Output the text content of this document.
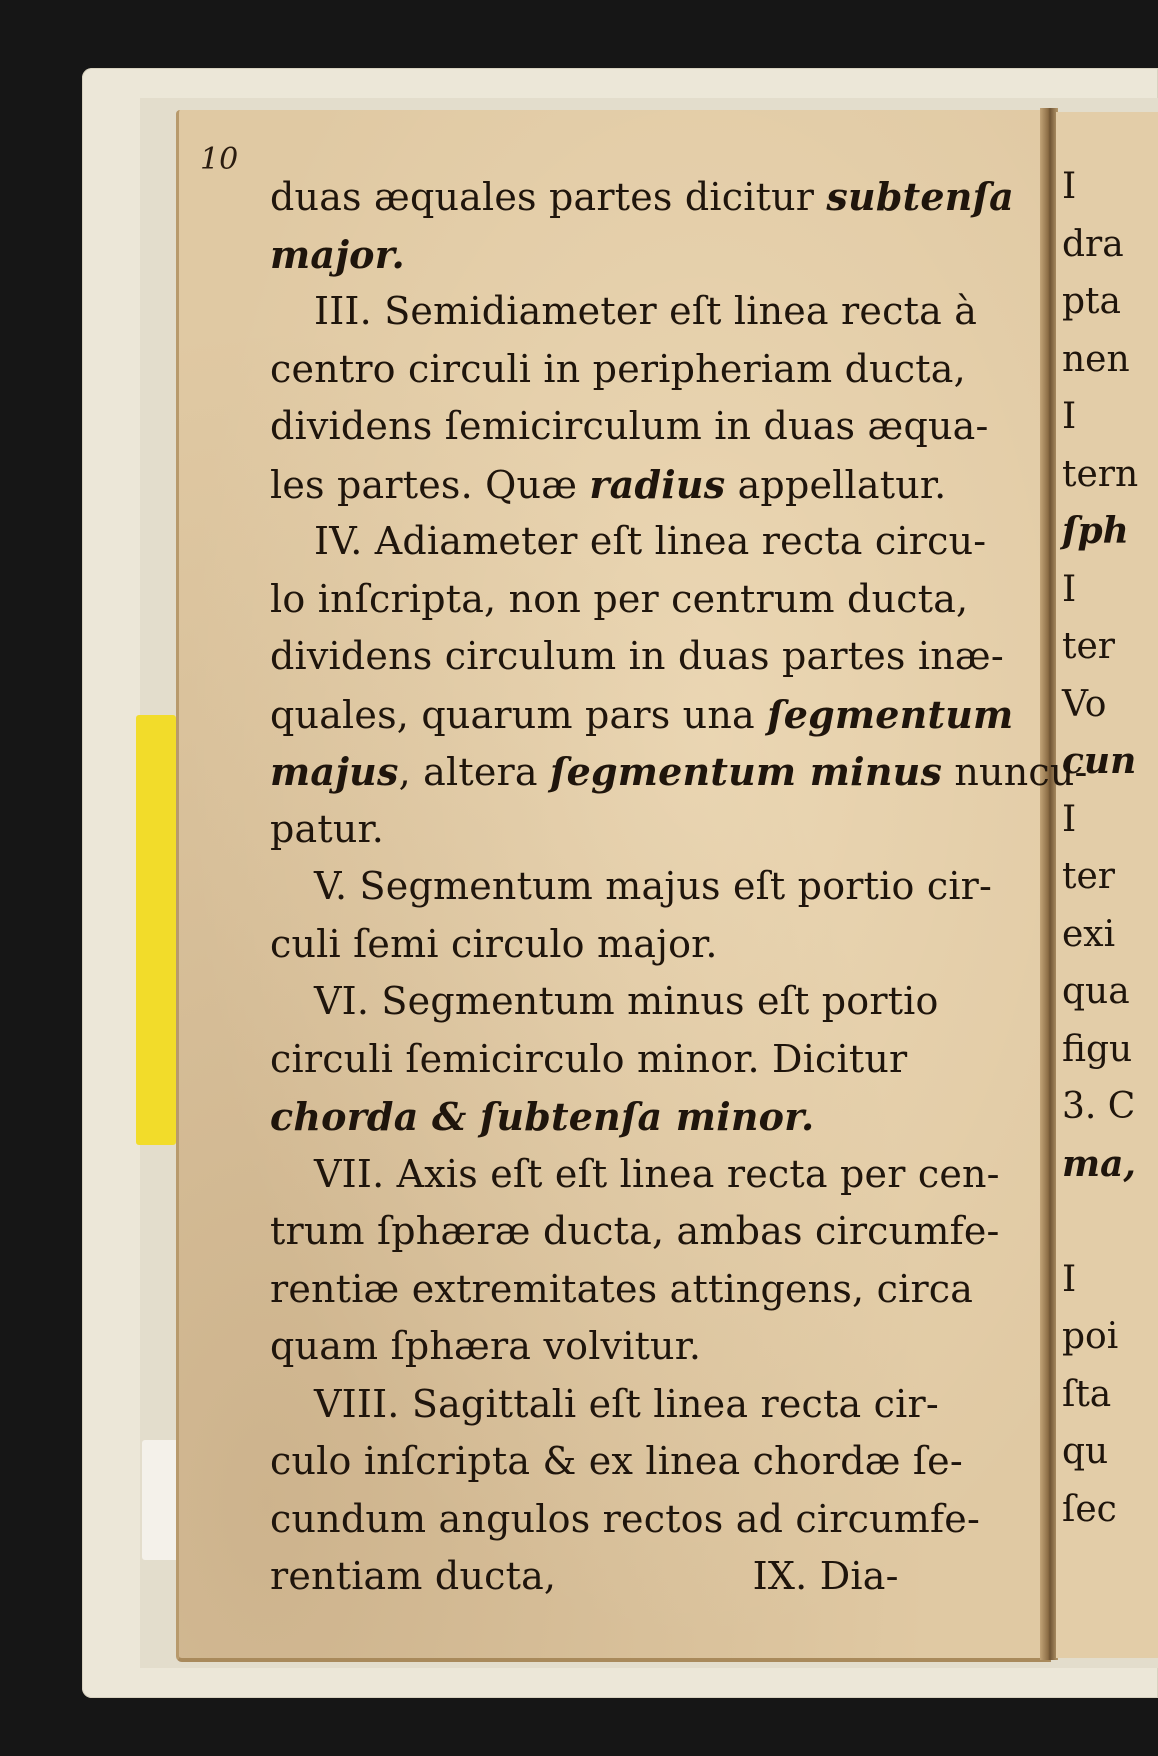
I
dra
pta
nen
I
tern
ſph
I
ter
Vo
cun
I
ter
exi
qua
figu
3. C
ma,
I
poi
ſta
qu
ſec
10
duas æquales partes dicitur subtenſa
major.
III. Semidiameter eſt linea recta à
centro circuli in peripheriam ducta,
dividens ſemicirculum in duas æqua-
les partes. Quæ radius appellatur.
IV. Adiameter eſt linea recta circu-
lo inſcripta, non per centrum ducta,
dividens circulum in duas partes inæ-
quales, quarum pars una ſegmentum
majus, altera ſegmentum minus nuncu-
patur.
V. Segmentum majus eſt portio cir-
culi ſemi circulo major.
VI. Segmentum minus eſt portio
circuli ſemicirculo minor. Dicitur
chorda & ſubtenſa minor.
VII. Axis eſt eſt linea recta per cen-
trum ſphæræ ducta, ambas circumfe-
rentiæ extremitates attingens, circa
quam ſphæra volvitur.
VIII. Sagittali eſt linea recta cir-
culo inſcripta & ex linea chordæ ſe-
cundum angulos rectos ad circumfe-
rentiam ducta,                IX. Dia-
